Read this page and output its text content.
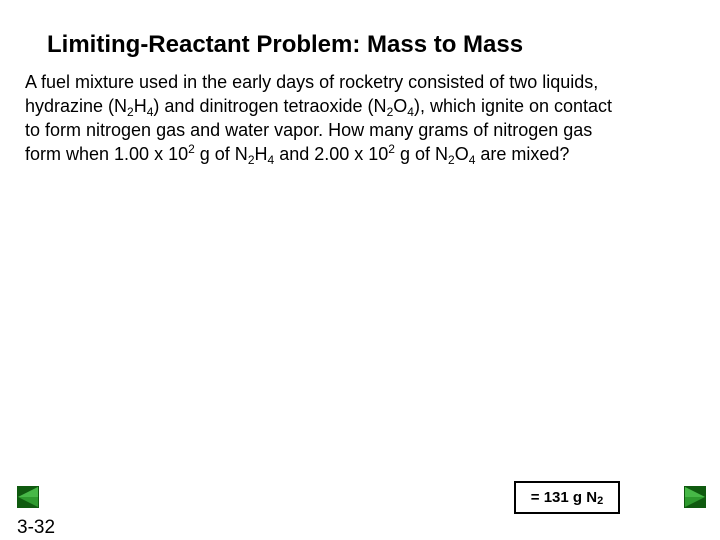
Limiting-Reactant Problem: Mass to Mass
A fuel mixture used in the early days of rocketry consisted of two liquids,
hydrazine $(N_2H_4)$ and dinitrogen tetraoxide $(N_2O_4)$, which ignite on contact
to form nitrogen gas and water vapor. How many grams of nitrogen gas
form when 1.00 x $10^2$ g of $N_2H_4$ and 2.00 x $10^2$ g of $N_2O_4$ are mixed?
= 131 g $N_2$
3-32
